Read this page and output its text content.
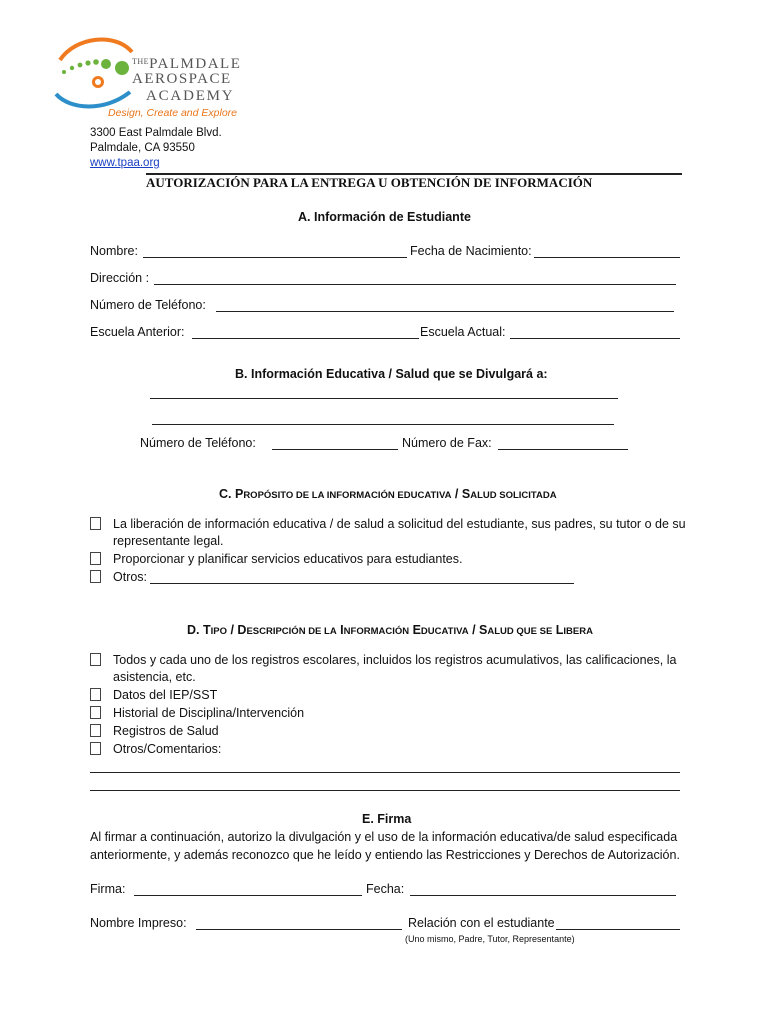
$^{THE}$PALMDALE
AEROSPACE
ACADEMY
Design, Create and Explore
3300 East Palmdale Blvd.
Palmdale, CA 93550
www.tpaa.org
AUTORIZACIÓN PARA LA ENTREGA U OBTENCIÓN DE INFORMACIÓN
A. Información de Estudiante
Nombre:	Fecha de Nacimiento:
Dirección :
Número de Teléfono:
Escuela Anterior:	Escuela Actual:
B. Información Educativa / Salud que se Divulgará a:
Número de Teléfono:	Número de Fax:
C. PROPÓSITO DE LA INFORMACIÓN EDUCATIVA / SALUD SOLICITADA
La liberación de información educativa / de salud a solicitud del estudiante, sus padres, su tutor o de su representante legal.
Proporcionar y planificar servicios educativos para estudiantes.
Otros:
D. TIPO / DESCRIPCIÓN DE LA INFORMACIÓN EDUCATIVA / SALUD QUE SE LIBERA
Todos y cada uno de los registros escolares, incluidos los registros acumulativos, las calificaciones, la asistencia, etc.
Datos del IEP/SST
Historial de Disciplina/Intervención
Registros de Salud
Otros/Comentarios:
E. Firma
Al firmar a continuación, autorizo la divulgación y el uso de la información educativa/de salud especificada
anteriormente, y además reconozco que he leído y entiendo las Restricciones y Derechos de Autorización.
Firma:	Fecha:
Nombre Impreso:	Relación con el estudiante
(Uno mismo, Padre, Tutor, Representante)
